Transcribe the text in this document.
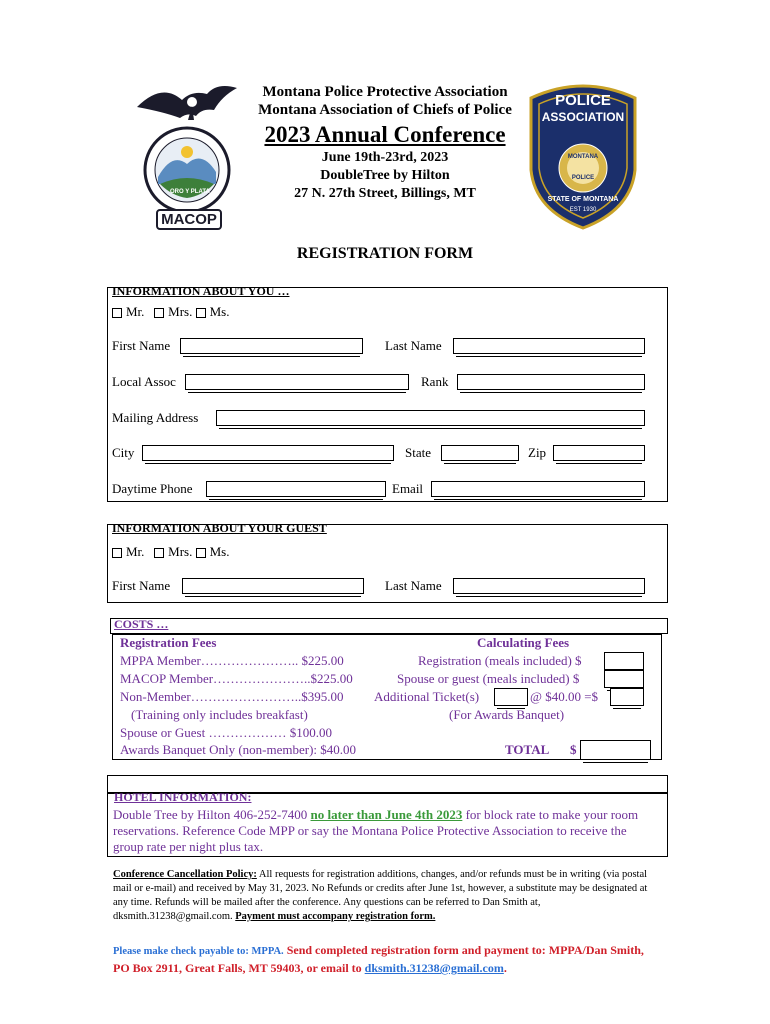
ORO Y PLATA
MACOP
Montana Police Protective Association
Montana Association of Chiefs of Police
2023 Annual Conference
June 19th-23rd, 2023
DoubleTree by Hilton
27 N. 27th Street, Billings, MT
POLICE
ASSOCIATION
STATE OF MONTANA
MONTANA
POLICE
EST 1930
REGISTRATION FORM
INFORMATION ABOUT YOU …
Mr. Mrs. Ms.
First Name	Last Name
Local Assoc	Rank
Mailing Address
City	State	Zip
Daytime Phone	Email
INFORMATION ABOUT YOUR GUEST
Mr. Mrs. Ms.
First Name	Last Name
COSTS …
Registration Fees	Calculating Fees
MPPA Member………………….. $225.00
MACOP Member…………………..$225.00
Non-Member……………………..$395.00
(Training only includes breakfast)
Spouse or Guest ……………… $100.00
Awards Banquet Only (non-member): $40.00
Registration (meals included) $
Spouse or guest (meals included) $
Additional Ticket(s)	@ $40.00 =$
(For Awards Banquet)
TOTAL $
HOTEL INFORMATION:
Double Tree by Hilton 406-252-7400 no later than June 4th 2023 for block rate to make your room reservations. Reference Code MPP or say the Montana Police Protective Association to receive the group rate per night plus tax.
Conference Cancellation Policy: All requests for registration additions, changes, and/or refunds must be in writing (via postal mail or e-mail) and received by May 31, 2023. No Refunds or credits after June 1st, however, a substitute may be designated at any time. Refunds will be mailed after the conference. Any questions can be referred to Dan Smith at, dksmith.31238@gmail.com. Payment must accompany registration form.
Please make check payable to: MPPA. Send completed registration form and payment to: MPPA/Dan Smith, PO Box 2911, Great Falls, MT 59403, or email to dksmith.31238@gmail.com.
